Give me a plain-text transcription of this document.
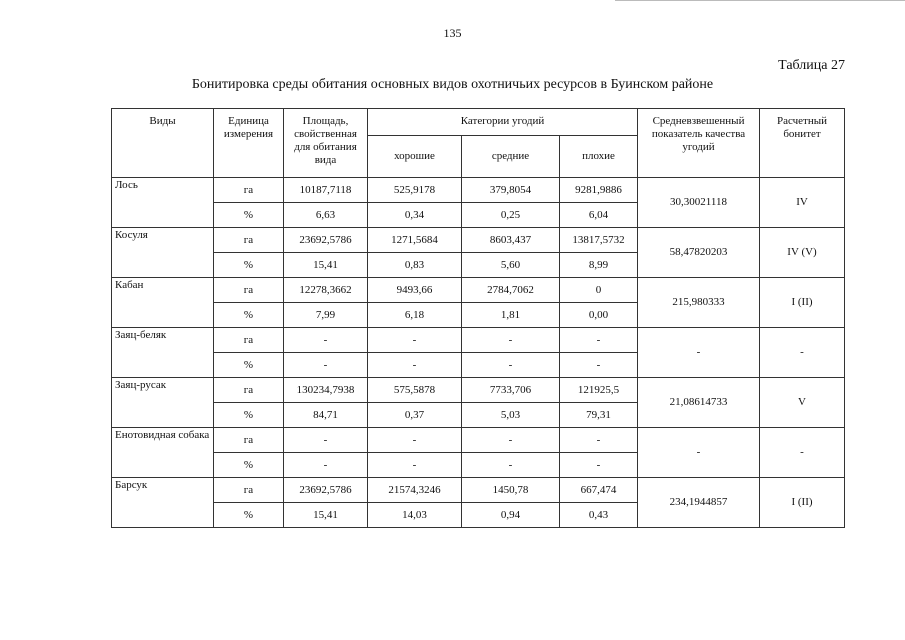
135
Таблица 27
Бонитировка среды обитания основных видов охотничьих ресурсов в Буинском районе
Виды	Единица измерения	Площадь, свойственная для обитания вида	Категории угодий			Средневзвешенный показатель качества угодий	Расчетный бонитет
			хорошие	средние	плохие		
Лось	га	10187,7118	525,9178	379,8054	9281,9886	30,30021118	IV
	%	6,63	0,34	0,25	6,04		
Косуля	га	23692,5786	1271,5684	8603,437	13817,5732	58,47820203	IV (V)
	%	15,41	0,83	5,60	8,99		
Кабан	га	12278,3662	9493,66	2784,7062	0	215,980333	I (II)
	%	7,99	6,18	1,81	0,00		
Заяц-беляк	га	-	-	-	-	-	-
	%	-	-	-	-		
Заяц-русак	га	130234,7938	575,5878	7733,706	121925,5	21,08614733	V
	%	84,71	0,37	5,03	79,31		
Енотовидная собака	га	-	-	-	-	-	-
	%	-	-	-	-		
Барсук	га	23692,5786	21574,3246	1450,78	667,474	234,1944857	I (II)
	%	15,41	14,03	0,94	0,43		
